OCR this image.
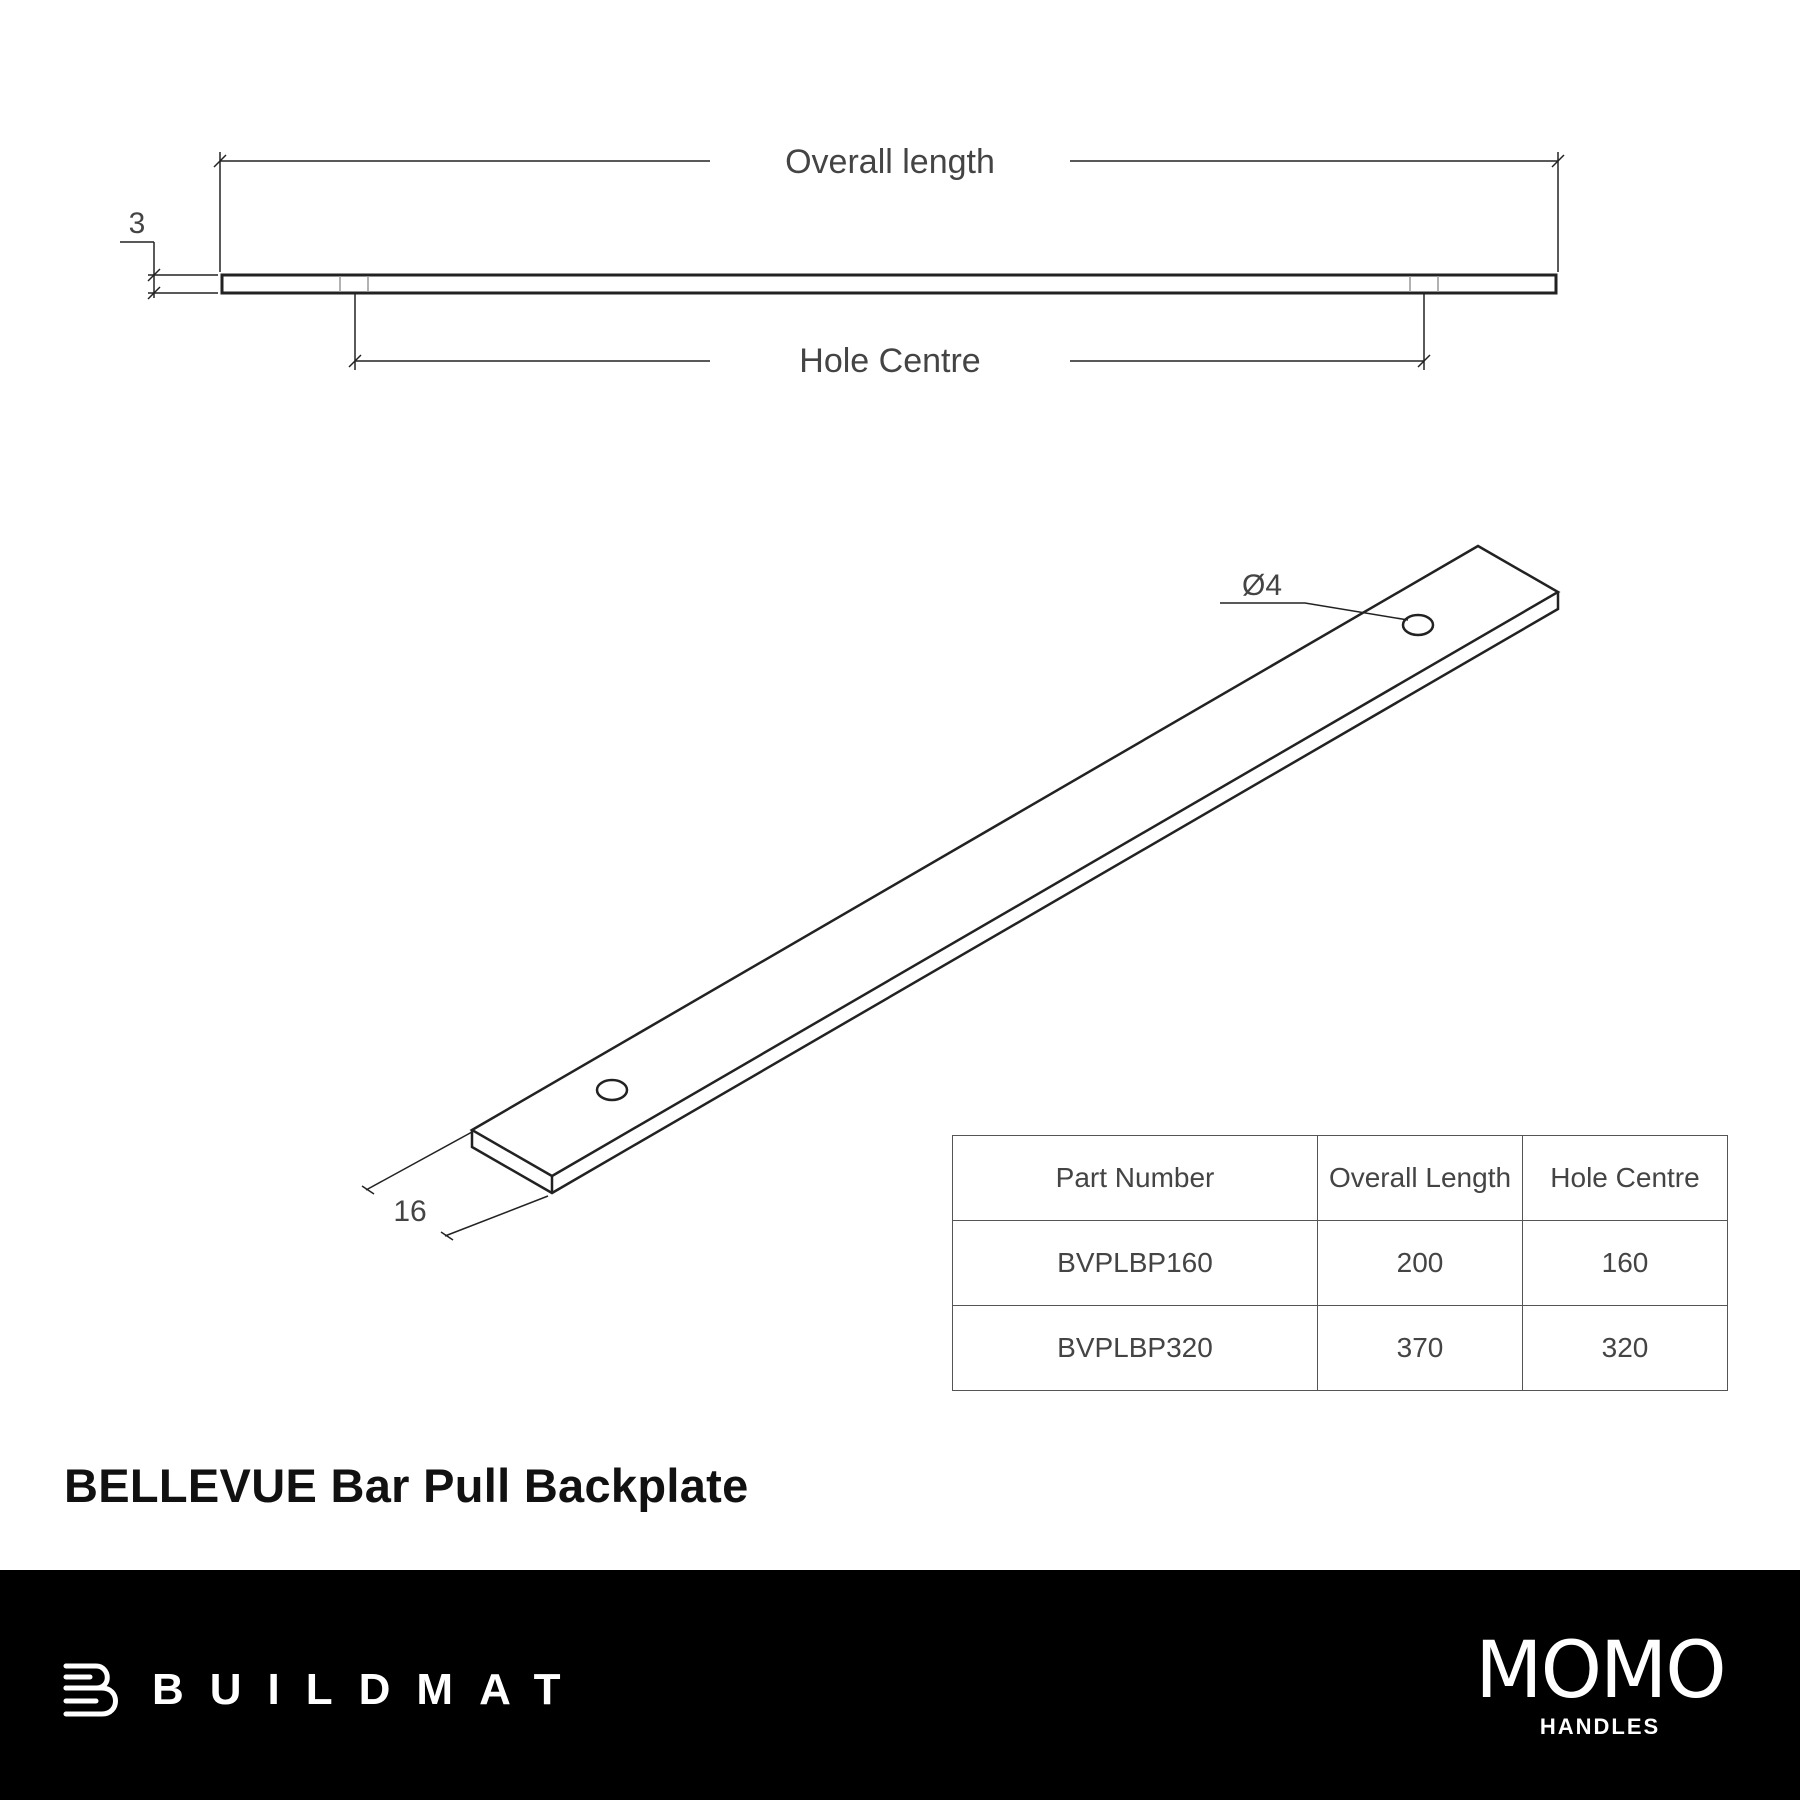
Overall length
Hole Centre
3
Ø4
16
Part Number	Overall Length	Hole Centre
BVPLBP160	200	160
BVPLBP320	370	320
BELLEVUE Bar Pull Backplate
BUILDMAT	MOMO
HANDLES
